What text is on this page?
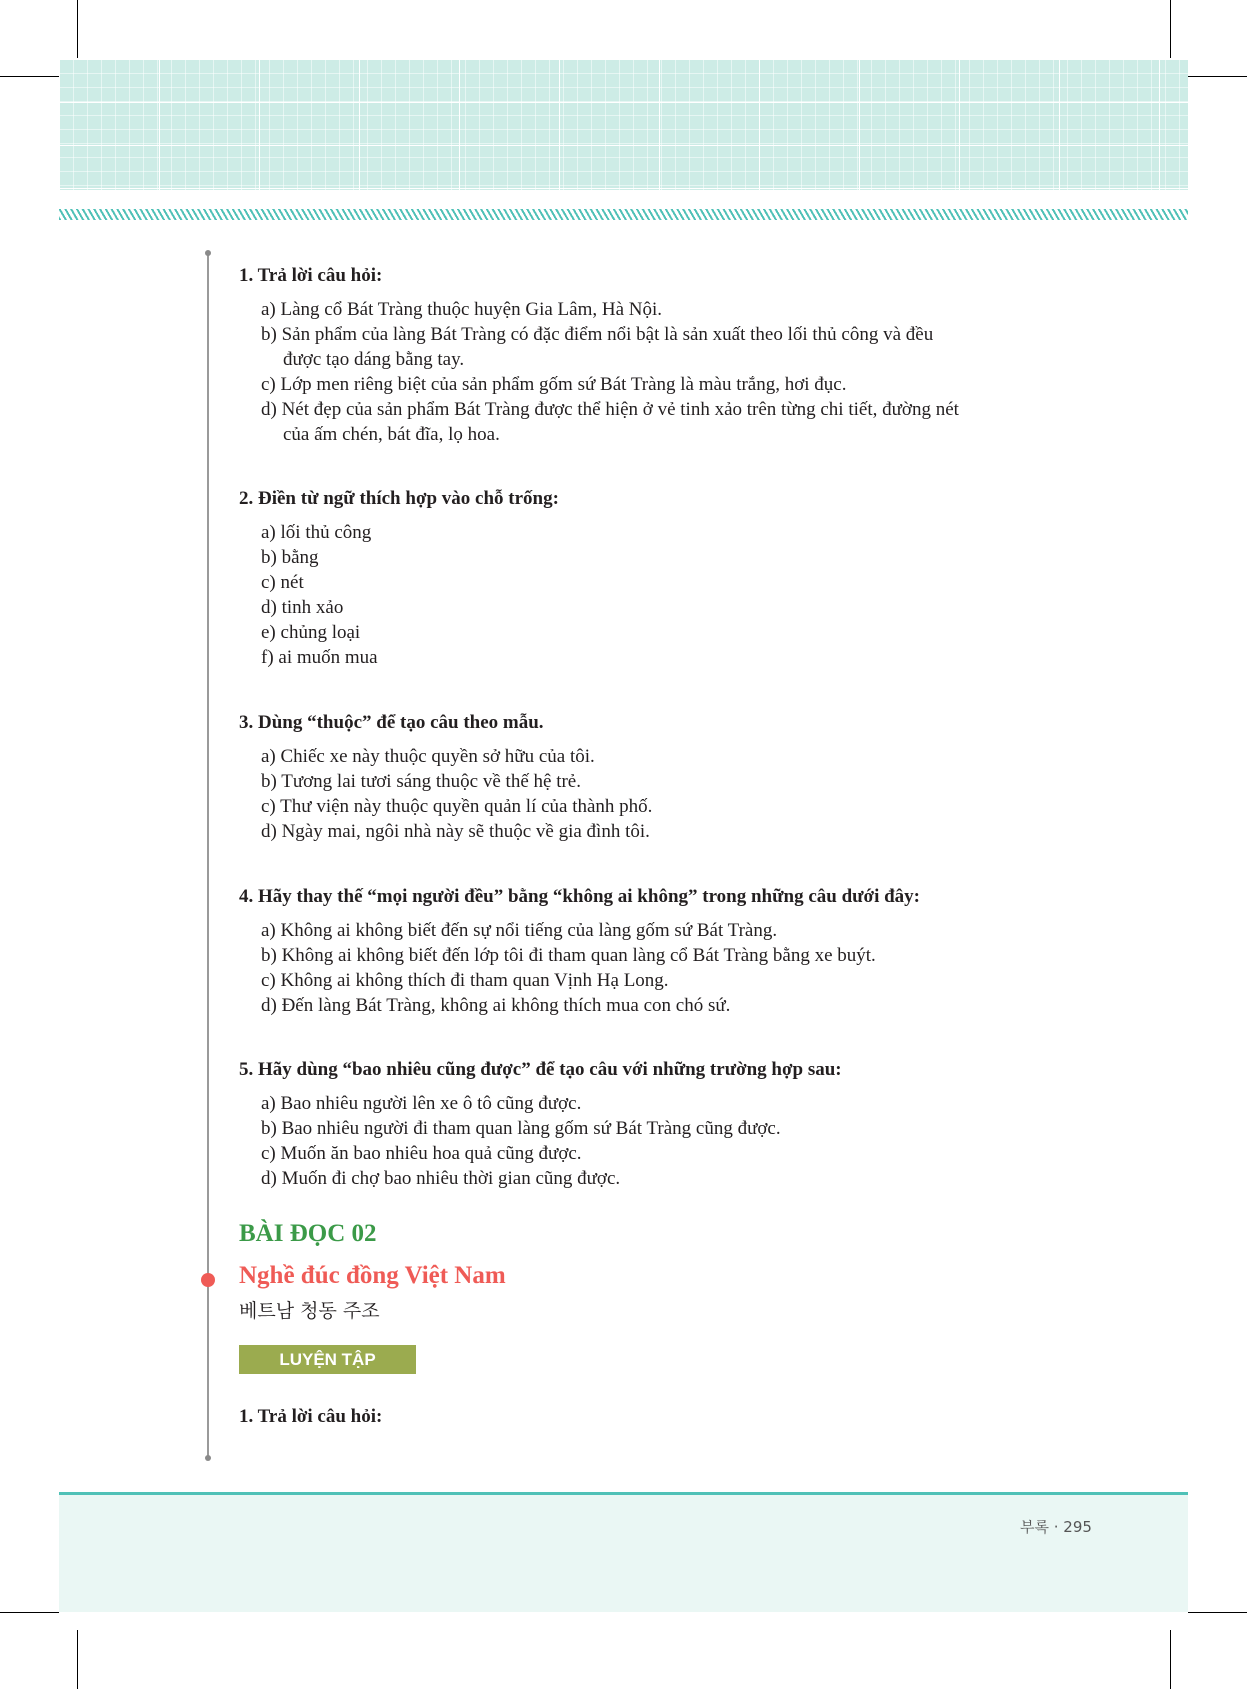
1. Trả lời câu hỏi:
a) Làng cổ Bát Tràng thuộc huyện Gia Lâm, Hà Nội.
b) Sản phẩm của làng Bát Tràng có đặc điểm nổi bật là sản xuất theo lối thủ công và đều
được tạo dáng bằng tay.
c) Lớp men riêng biệt của sản phẩm gốm sứ Bát Tràng là màu trắng, hơi đục.
d) Nét đẹp của sản phẩm Bát Tràng được thể hiện ở vẻ tinh xảo trên từng chi tiết, đường nét
của ấm chén, bát đĩa, lọ hoa.
2. Điền từ ngữ thích hợp vào chỗ trống:
a) lối thủ công
b) bằng
c) nét
d) tinh xảo
e) chủng loại
f) ai muốn mua
3. Dùng “thuộc” để tạo câu theo mẫu.
a) Chiếc xe này thuộc quyền sở hữu của tôi.
b) Tương lai tươi sáng thuộc về thế hệ trẻ.
c) Thư viện này thuộc quyền quản lí của thành phố.
d) Ngày mai, ngôi nhà này sẽ thuộc về gia đình tôi.
4. Hãy thay thế “mọi người đều” bằng “không ai không” trong những câu dưới đây:
a) Không ai không biết đến sự nổi tiếng của làng gốm sứ Bát Tràng.
b) Không ai không biết đến lớp tôi đi tham quan làng cổ Bát Tràng bằng xe buýt.
c) Không ai không thích đi tham quan Vịnh Hạ Long.
d) Đến làng Bát Tràng, không ai không thích mua con chó sứ.
5. Hãy dùng “bao nhiêu cũng được” để tạo câu với những trường hợp sau:
a) Bao nhiêu người lên xe ô tô cũng được.
b) Bao nhiêu người đi tham quan làng gốm sứ Bát Tràng cũng được.
c) Muốn ăn bao nhiêu hoa quả cũng được.
d) Muốn đi chợ bao nhiêu thời gian cũng được.
BÀI ĐỌC 02
Nghề đúc đồng Việt Nam
베트남 청동 주조
LUYỆN TẬP
1. Trả lời câu hỏi:
부록 · 295
